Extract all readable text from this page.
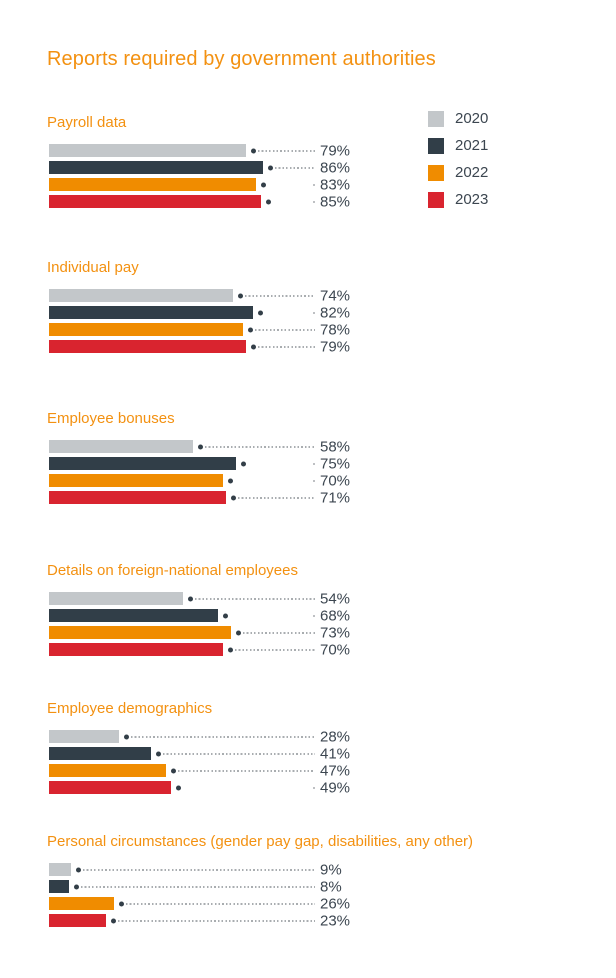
Reports required by government authorities
2020
2021
2022
2023
Payroll data
79%
86%
83%
85%
Individual pay
74%
82%
78%
79%
Employee bonuses
58%
75%
70%
71%
Details on foreign-national employees
54%
68%
73%
70%
Employee demographics
28%
41%
47%
49%
Personal circumstances (gender pay gap, disabilities, any other)
9%
8%
26%
23%
